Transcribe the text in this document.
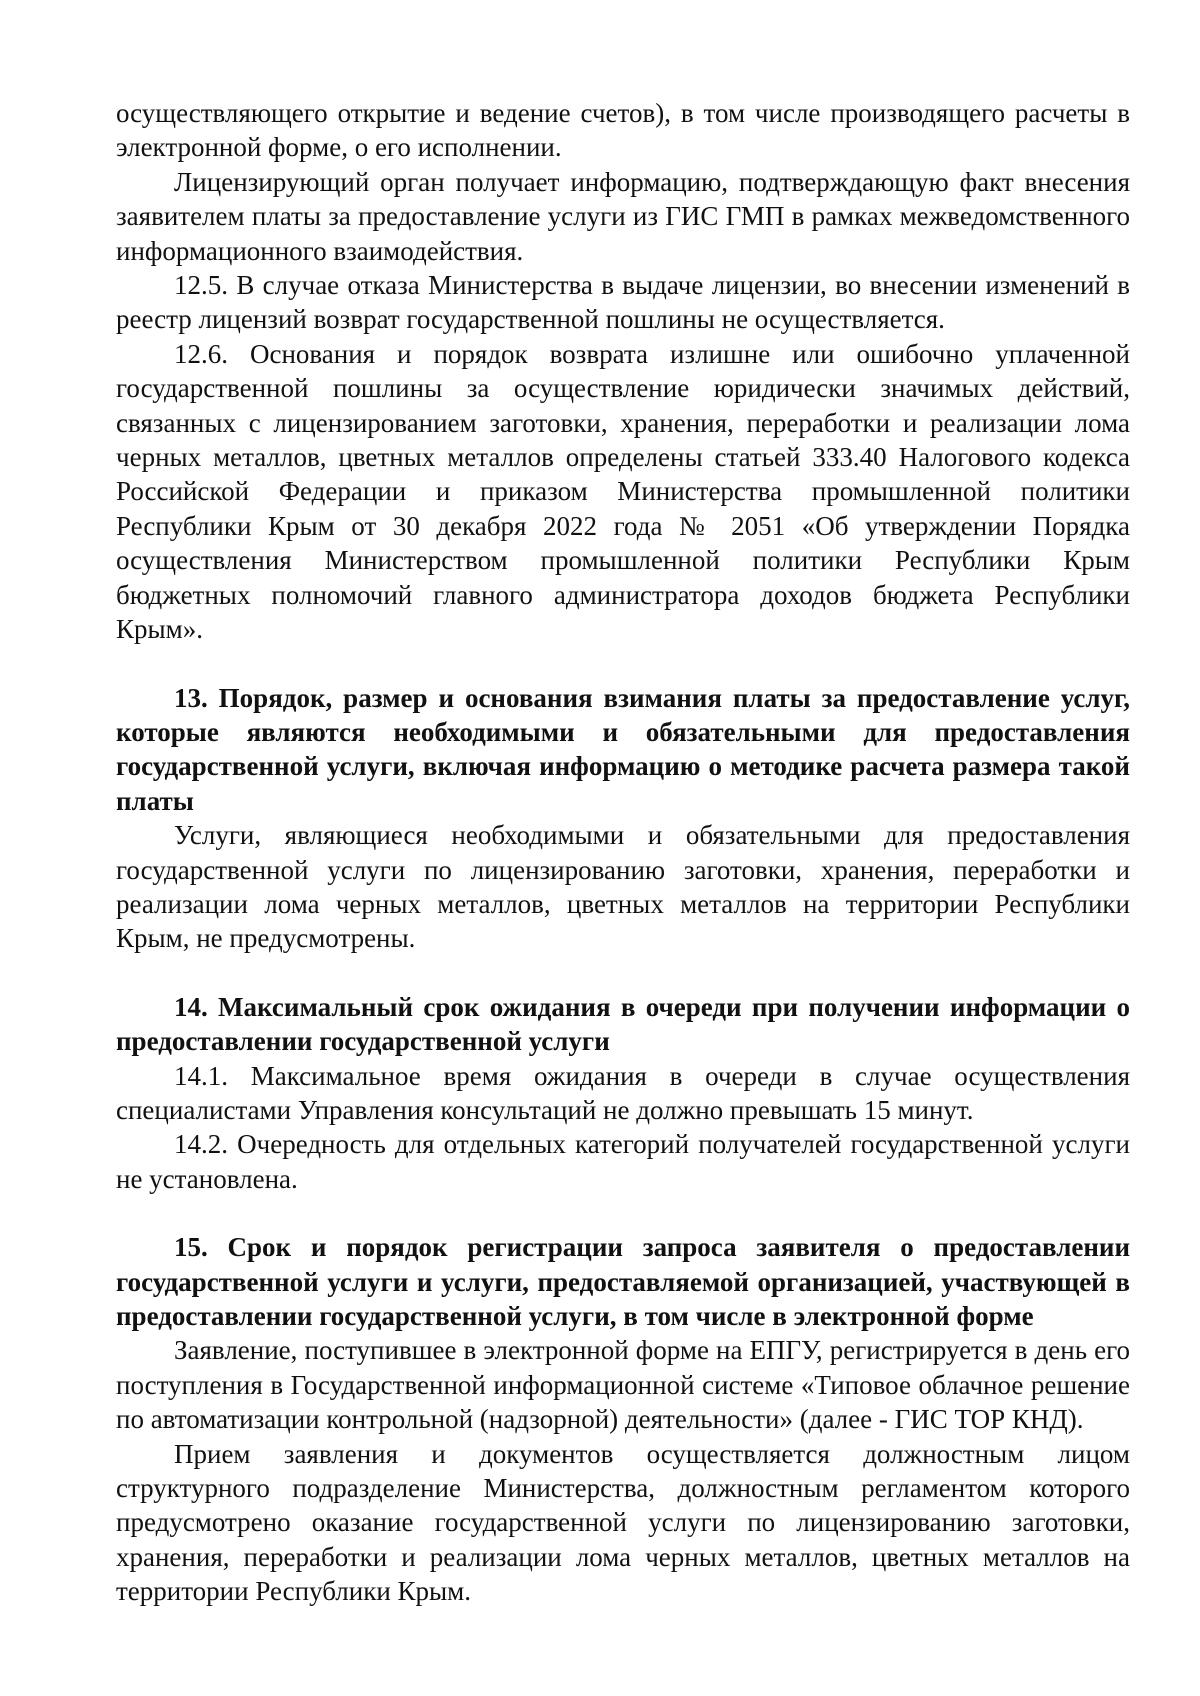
осуществляющего открытие и ведение счетов), в том числе производящего расчеты в электронной форме, о его исполнении.

Лицензирующий орган получает информацию, подтверждающую факт внесения заявителем платы за предоставление услуги из ГИС ГМП в рамках межведомственного информационного взаимодействия.

12.5. В случае отказа Министерства в выдаче лицензии, во внесении изменений в реестр лицензий возврат государственной пошлины не осуществляется.

12.6. Основания и порядок возврата излишне или ошибочно уплаченной государственной пошлины за осуществление юридически значимых действий, связанных с лицензированием заготовки, хранения, переработки и реализации лома черных металлов, цветных металлов определены статьей 333.40 Налогового кодекса Российской Федерации и приказом Министерства промышленной политики Республики Крым от 30 декабря 2022 года № 2051 «Об утверждении Порядка осуществления Министерством промышленной политики Республики Крым бюджетных полномочий главного администратора доходов бюджета Республики Крым».

13. Порядок, размер и основания взимания платы за предоставление услуг, которые являются необходимыми и обязательными для предоставления государственной услуги, включая информацию о методике расчета размера такой платы

Услуги, являющиеся необходимыми и обязательными для предоставления государственной услуги по лицензированию заготовки, хранения, переработки и реализации лома черных металлов, цветных металлов на территории Республики Крым, не предусмотрены.

14. Максимальный срок ожидания в очереди при получении информации о предоставлении государственной услуги

14.1. Максимальное время ожидания в очереди в случае осуществления специалистами Управления консультаций не должно превышать 15 минут.

14.2. Очередность для отдельных категорий получателей государственной услуги не установлена.

15. Срок и порядок регистрации запроса заявителя о предоставлении государственной услуги и услуги, предоставляемой организацией, участвующей в предоставлении государственной услуги, в том числе в электронной форме

Заявление, поступившее в электронной форме на ЕПГУ, регистрируется в день его поступления в Государственной информационной системе «Типовое облачное решение по автоматизации контрольной (надзорной) деятельности» (далее - ГИС ТОР КНД).

Прием заявления и документов осуществляется должностным лицом структурного подразделение Министерства, должностным регламентом которого предусмотрено оказание государственной услуги по лицензированию заготовки, хранения, переработки и реализации лома черных металлов, цветных металлов на территории Республики Крым.
